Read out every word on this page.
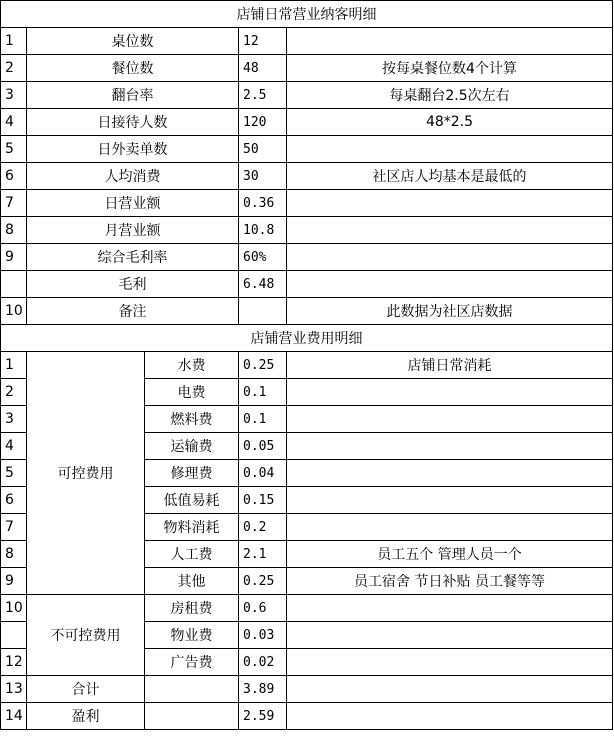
店铺日常营业纳客明细				
1	桌位数		12	
2	餐位数		48	按每桌餐位数4个计算
3	翻台率		2.5	每桌翻台2.5次左右
4	日接待人数		120	48*2.5
5	日外卖单数		50	
6	人均消费		30	社区店人均基本是最低的
7	日营业额		0.36	
8	月营业额		10.8	
9	综合毛利率		60%	
	毛利		6.48	
10	备注			此数据为社区店数据
店铺营业费用明细				
1	可控费用	水费	0.25	店铺日常消耗
2		电费	0.1	
3		燃料费	0.1	
4		运输费	0.05	
5		修理费	0.04	
6		低值易耗	0.15	
7		物料消耗	0.2	
8		人工费	2.1	员工五个 管理人员一个
9		其他	0.25	员工宿舍 节日补贴 员工餐等等
10	不可控费用	房租费	0.6	
		物业费	0.03	
12		广告费	0.02	
13	合计		3.89	
14	盈利		2.59	
